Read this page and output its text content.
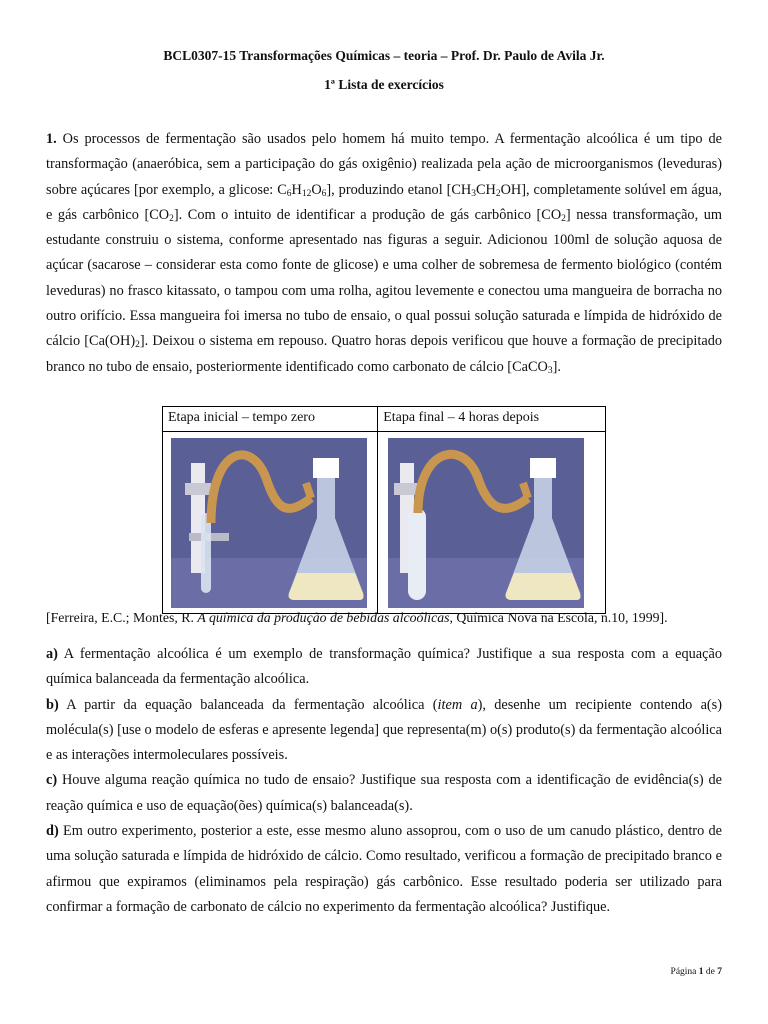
BCL0307-15 Transformações Químicas – teoria – Prof. Dr. Paulo de Avila Jr.
1ª Lista de exercícios

1. Os processos de fermentação são usados pelo homem há muito tempo. A fermentação alcoólica é um tipo de transformação (anaeróbica, sem a participação do gás oxigênio) realizada pela ação de microorganismos (leveduras) sobre açúcares [por exemplo, a glicose: $C_6H_{12}O_6$], produzindo etanol $[CH_3CH_2OH]$, completamente solúvel em água, e gás carbônico $[CO_2]$. Com o intuito de identificar a produção de gás carbônico $[CO_2]$ nessa transformação, um estudante construiu o sistema, conforme apresentado nas figuras a seguir. Adicionou 100ml de solução aquosa de açúcar (sacarose – considerar esta como fonte de glicose) e uma colher de sobremesa de fermento biológico (contém leveduras) no frasco kitassato, o tampou com uma rolha, agitou levemente e conectou uma mangueira de borracha no outro orifício. Essa mangueira foi imersa no tubo de ensaio, o qual possui solução saturada e límpida de hidróxido de cálcio $[Ca(OH)_2]$. Deixou o sistema em repouso. Quatro horas depois verificou que houve a formação de precipitado branco no tubo de ensaio, posteriormente identificado como carbonato de cálcio [CaCO$_3$].

Etapa inicial – tempo zero	Etapa final – 4 horas depois

[Ferreira, E.C.; Montes, R. A química da produção de bebidas alcoólicas, Química Nova na Escola, n.10, 1999].

a) A fermentação alcoólica é um exemplo de transformação química? Justifique a sua resposta com a equação química balanceada da fermentação alcoólica.

b) A partir da equação balanceada da fermentação alcoólica (item a), desenhe um recipiente contendo a(s) molécula(s) [use o modelo de esferas e apresente legenda] que representa(m) o(s) produto(s) da fermentação alcoólica e as interações intermoleculares possíveis.

c) Houve alguma reação química no tudo de ensaio? Justifique sua resposta com a identificação de evidência(s) de reação química e uso de equação(ões) química(s) balanceada(s).

d) Em outro experimento, posterior a este, esse mesmo aluno assoprou, com o uso de um canudo plástico, dentro de uma solução saturada e límpida de hidróxido de cálcio. Como resultado, verificou a formação de precipitado branco e afirmou que expiramos (eliminamos pela respiração) gás carbônico. Esse resultado poderia ser utilizado para confirmar a formação de carbonato de cálcio no experimento da fermentação alcoólica? Justifique.

Página 1 de 7
